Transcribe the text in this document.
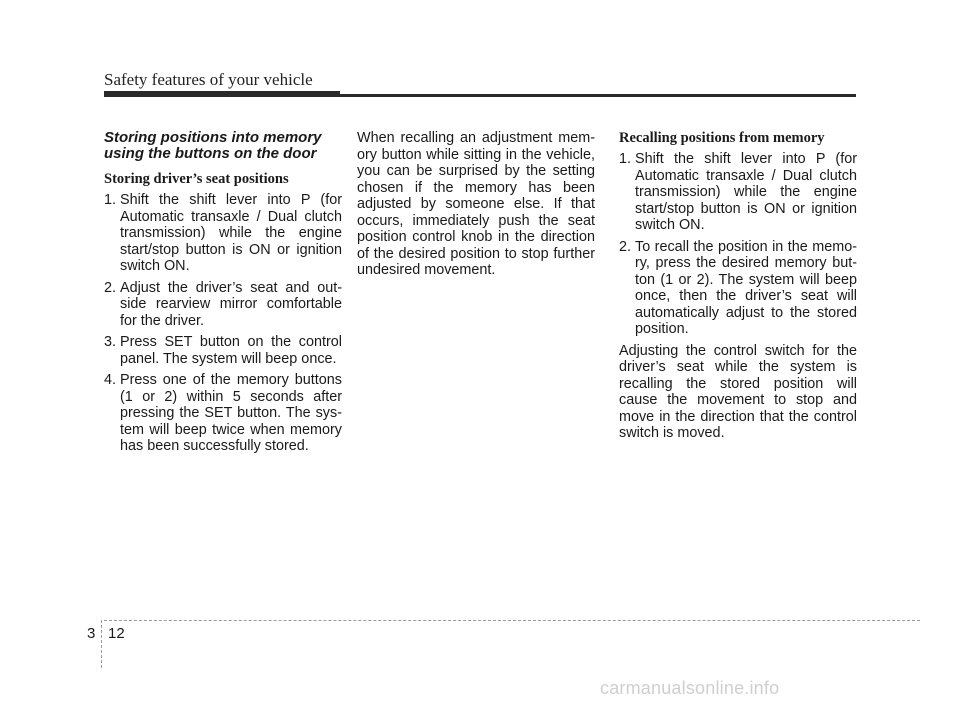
Safety features of your vehicle
Storing positions into memory using the buttons on the door
Storing driver’s seat positions
1. Shift the shift lever into P (for Automatic transaxle / Dual clutch transmission) while the engine start/stop button is ON or ignition switch ON.
2. Adjust the driver’s seat and out-side rearview mirror comfortable for the driver.
3. Press SET button on the control panel. The system will beep once.
4. Press one of the memory buttons (1 or 2) within 5 seconds after pressing the SET button. The sys-tem will beep twice when memory has been successfully stored.

When recalling an adjustment mem-ory button while sitting in the vehicle, you can be surprised by the setting chosen if the memory has been adjusted by someone else. If that occurs, immediately push the seat position control knob in the direction of the desired position to stop further undesired movement.

Recalling positions from memory
1. Shift the shift lever into P (for Automatic transaxle / Dual clutch transmission) while the engine start/stop button is ON or ignition switch ON.
2. To recall the position in the memo-ry, press the desired memory but-ton (1 or 2). The system will beep once, then the driver’s seat will automatically adjust to the stored position.

Adjusting the control switch for the driver’s seat while the system is recalling the stored position will cause the movement to stop and move in the direction that the control switch is moved.

3 12
carmanualsonline.info
